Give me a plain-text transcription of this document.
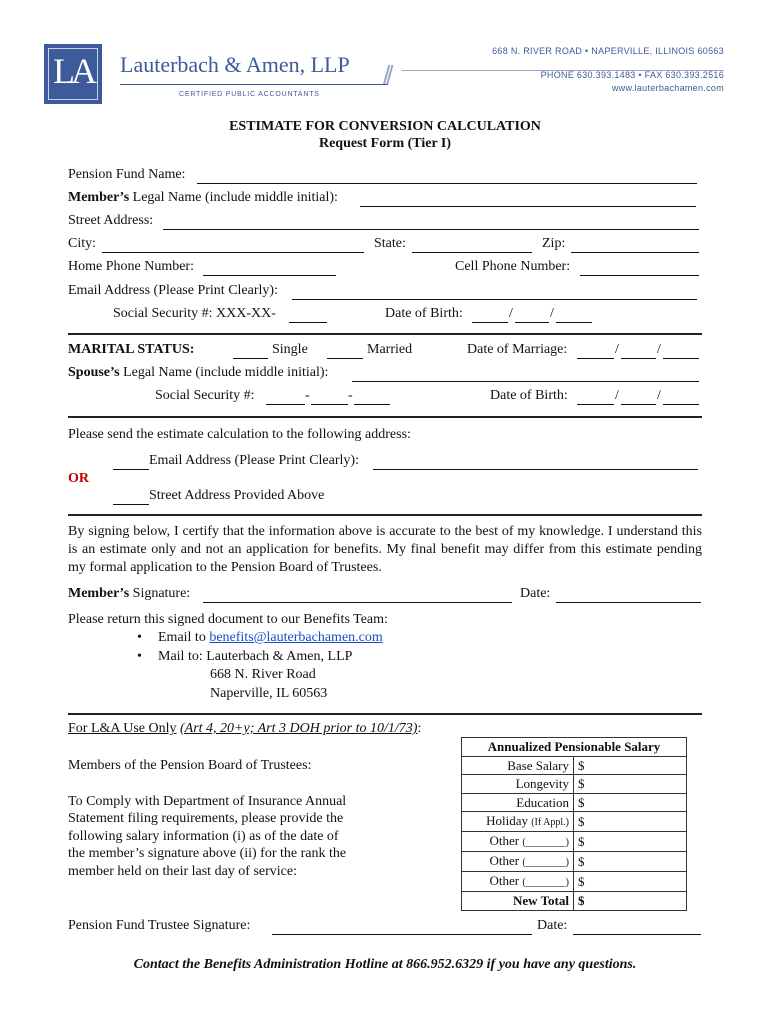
LA	Lauterbach & Amen, LLP
CERTIFIED PUBLIC ACCOUNTANTS
//
668 N. RIVER ROAD • NAPERVILLE, ILLINOIS 60563
PHONE 630.393.1483 • FAX 630.393.2516
www.lauterbachamen.com
ESTIMATE FOR CONVERSION CALCULATION
Request Form (Tier I)
Pension Fund Name:
Member’s Legal Name (include middle initial):
Street Address:
City:	State:	Zip:
Home Phone Number:	Cell Phone Number:
Email Address (Please Print Clearly):
Social Security #: XXX-XX-	Date of Birth:	/	/
MARITAL STATUS:	Single	Married	Date of Marriage:	/	/
Spouse’s Legal Name (include middle initial):
Social Security #:	-	-	Date of Birth:	/	/
Please send the estimate calculation to the following address:
Email Address (Please Print Clearly):
OR
Street Address Provided Above
By signing below, I certify that the information above is accurate to the best of my knowledge. I understand this is an estimate only and not an application for benefits. My final benefit may differ from this estimate pending my formal application to the Pension Board of Trustees.
Member’s Signature:	Date:
Please return this signed document to our Benefits Team:
• Email to benefits@lauterbachamen.com
• Mail to: Lauterbach & Amen, LLP
668 N. River Road
Naperville, IL 60563
For L&A Use Only (Art 4, 20+y; Art 3 DOH prior to 10/1/73):
Members of the Pension Board of Trustees:
To Comply with Department of Insurance Annual
Statement filing requirements, please provide the
following salary information (i) as of the date of
the member’s signature above (ii) for the rank the
member held on their last day of service:
Annualized Pensionable Salary	
Base Salary	$
Longevity	$
Education	$
Holiday (If Appl.)	$
Other (________)	$
Other (________)	$
Other (________)	$
New Total	$
Pension Fund Trustee Signature:	Date:
Contact the Benefits Administration Hotline at 866.952.6329 if you have any questions.
